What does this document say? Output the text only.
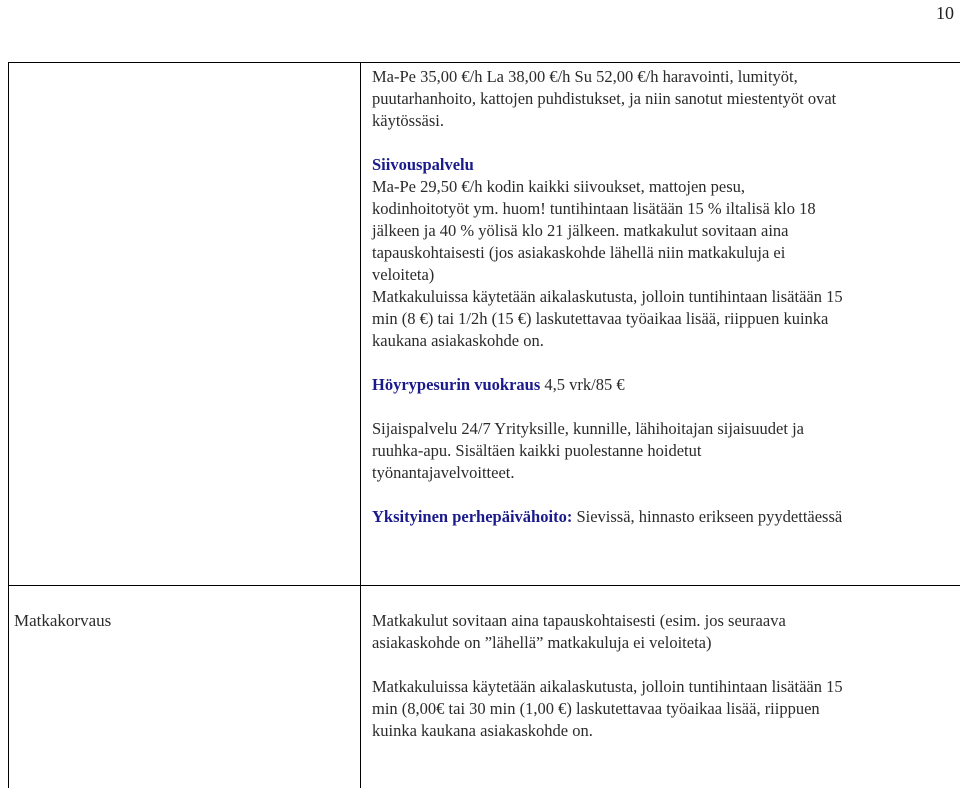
10

Ma-Pe 35,00 €/h La 38,00 €/h Su 52,00 €/h haravointi, lumityöt,

puutarhanhoito, kattojen puhdistukset, ja niin sanotut miestentyöt ovat

käytössäsi.

Siivouspalvelu

Ma-Pe 29,50 €/h kodin kaikki siivoukset, mattojen pesu,

kodinhoitotyöt ym. huom! tuntihintaan lisätään 15 % iltalisä klo 18

jälkeen ja 40 % yölisä klo 21 jälkeen. matkakulut sovitaan aina

tapauskohtaisesti (jos asiakaskohde lähellä niin matkakuluja ei

veloiteta)

Matkakuluissa käytetään aikalaskutusta, jolloin tuntihintaan lisätään 15

min (8 €) tai 1/2h (15 €) laskutettavaa työaikaa lisää, riippuen kuinka

kaukana asiakaskohde on.

Höyrypesurin vuokraus 4,5 vrk/85 €

Sijaispalvelu 24/7 Yrityksille, kunnille, lähihoitajan sijaisuudet ja

ruuhka-apu. Sisältäen kaikki puolestanne hoidetut

työnantajavelvoitteet.

Yksityinen perhepäivähoito: Sievissä, hinnasto erikseen pyydettäessä

Matkakorvaus	Matkakulut sovitaan aina tapauskohtaisesti (esim. jos seuraava

asiakaskohde on ”lähellä” matkakuluja ei veloiteta)

Matkakuluissa käytetään aikalaskutusta, jolloin tuntihintaan lisätään 15

min (8,00€ tai 30 min (1,00 €) laskutettavaa työaikaa lisää, riippuen

kuinka kaukana asiakaskohde on.
